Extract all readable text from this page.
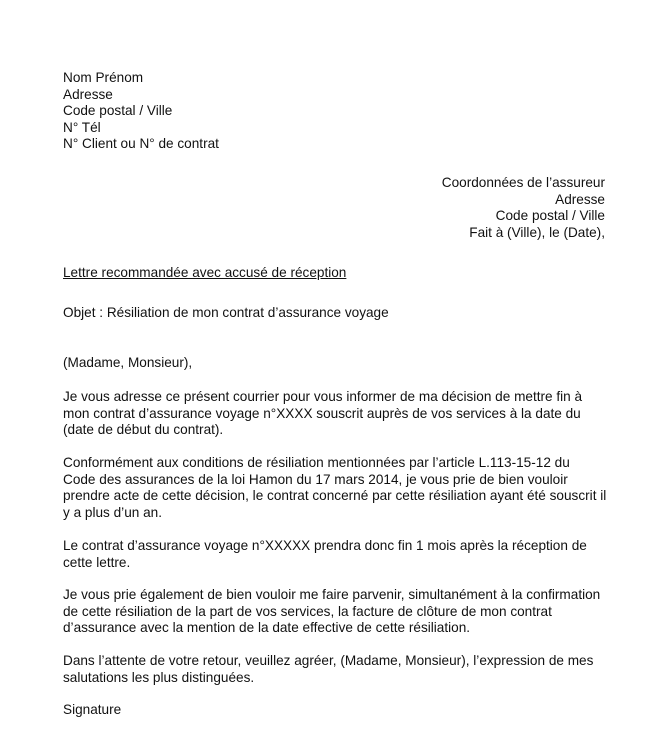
Nom Prénom
Adresse
Code postal / Ville
N° Tél
N° Client ou N° de contrat
Coordonnées de l’assureur
Adresse
Code postal / Ville
Fait à (Ville), le (Date),
Lettre recommandée avec accusé de réception
Objet : Résiliation de mon contrat d’assurance voyage
(Madame, Monsieur),
Je vous adresse ce présent courrier pour vous informer de ma décision de mettre fin à
mon contrat d’assurance voyage n°XXXX souscrit auprès de vos services à la date du
(date de début du contrat).
Conformément aux conditions de résiliation mentionnées par l’article L.113-15-12 du
Code des assurances de la loi Hamon du 17 mars 2014, je vous prie de bien vouloir
prendre acte de cette décision, le contrat concerné par cette résiliation ayant été souscrit il
y a plus d’un an.
Le contrat d’assurance voyage n°XXXXX prendra donc fin 1 mois après la réception de
cette lettre.
Je vous prie également de bien vouloir me faire parvenir, simultanément à la confirmation
de cette résiliation de la part de vos services, la facture de clôture de mon contrat
d’assurance avec la mention de la date effective de cette résiliation.
Dans l’attente de votre retour, veuillez agréer, (Madame, Monsieur), l’expression de mes
salutations les plus distinguées.
Signature
